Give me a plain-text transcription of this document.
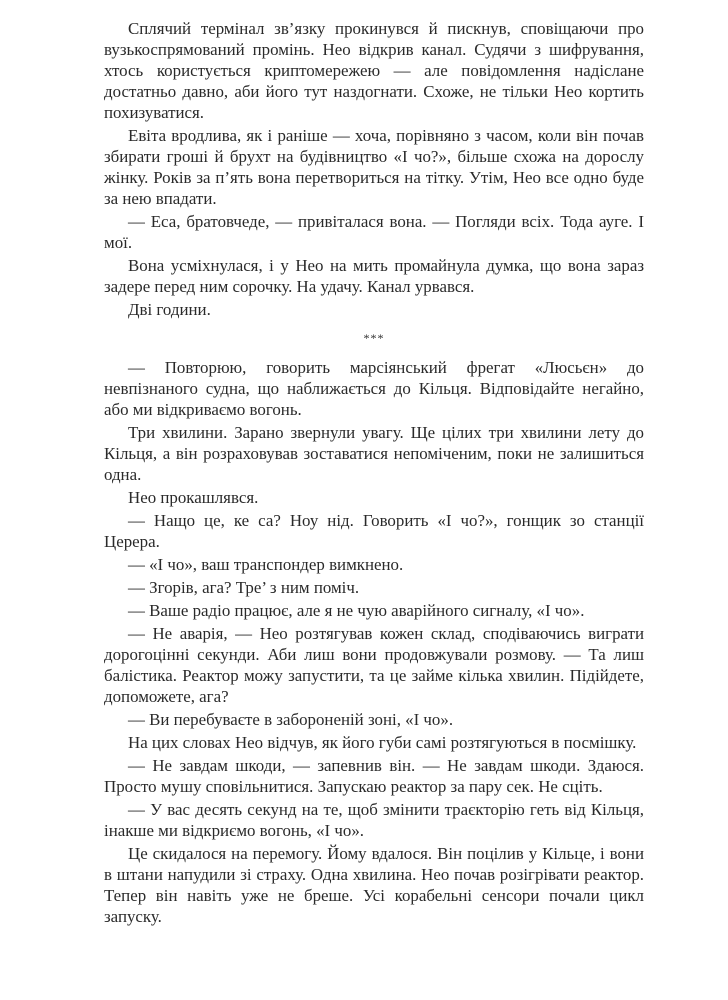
Сплячий термінал зв’язку прокинувся й пискнув, сповіщаючи про вузькоспрямований промінь. Нео відкрив канал. Судячи з шифрування, хтось користується криптомережею — але повідомлення надіслане достатньо давно, аби його тут наздогнати. Схоже, не тільки Нео кортить похизуватися.

Евіта вродлива, як і раніше — хоча, порівняно з часом, коли він почав збирати гроші й брухт на будівництво «І чо?», більше схожа на дорослу жінку. Років за п’ять вона перетвориться на тітку. Утім, Нео все одно буде за нею впадати.

— Еса, братовчеде, — привіталася вона. — Погляди всіх. Тода ауге. І мої.

Вона усміхнулася, і у Нео на мить промайнула думка, що вона зараз задере перед ним сорочку. На удачу. Канал урвався.

Дві години.

***

— Повторюю, говорить марсіянський фрегат «Люсьєн» до невпізнаного судна, що наближається до Кільця. Відповідайте негайно, або ми відкриваємо вогонь.

Три хвилини. Зарано звернули увагу. Ще цілих три хвилини лету до Кільця, а він розраховував зоставатися непоміченим, поки не залишиться одна.

Нео прокашлявся.

— Нащо це, ке са? Ноу нід. Говорить «І чо?», гонщик зо станції Церера.

— «І чо», ваш транспондер вимкнено.

— Згорів, ага? Тре’ з ним поміч.

— Ваше радіо працює, але я не чую аварійного сигналу, «І чо».

— Не аварія, — Нео розтягував кожен склад, сподіваючись виграти дорогоцінні секунди. Аби лиш вони продовжували розмову. — Та лиш балістика. Реактор можу запустити, та це займе кілька хвилин. Підійдете, допоможете, ага?

— Ви перебуваєте в забороненій зоні, «І чо».

На цих словах Нео відчув, як його губи самі розтягуються в посмішку.

— Не завдам шкоди, — запевнив він. — Не завдам шкоди. Здаюся. Просто мушу сповільнитися. Запускаю реактор за пару сек. Не сціть.

— У вас десять секунд на те, щоб змінити траєкторію геть від Кільця, інакше ми відкриємо вогонь, «І чо».

Це скидалося на перемогу. Йому вдалося. Він поцілив у Кільце, і вони в штани напудили зі страху. Одна хвилина. Нео почав розігрівати реактор. Тепер він навіть уже не бреше. Усі корабельні сенсори почали цикл запуску.
